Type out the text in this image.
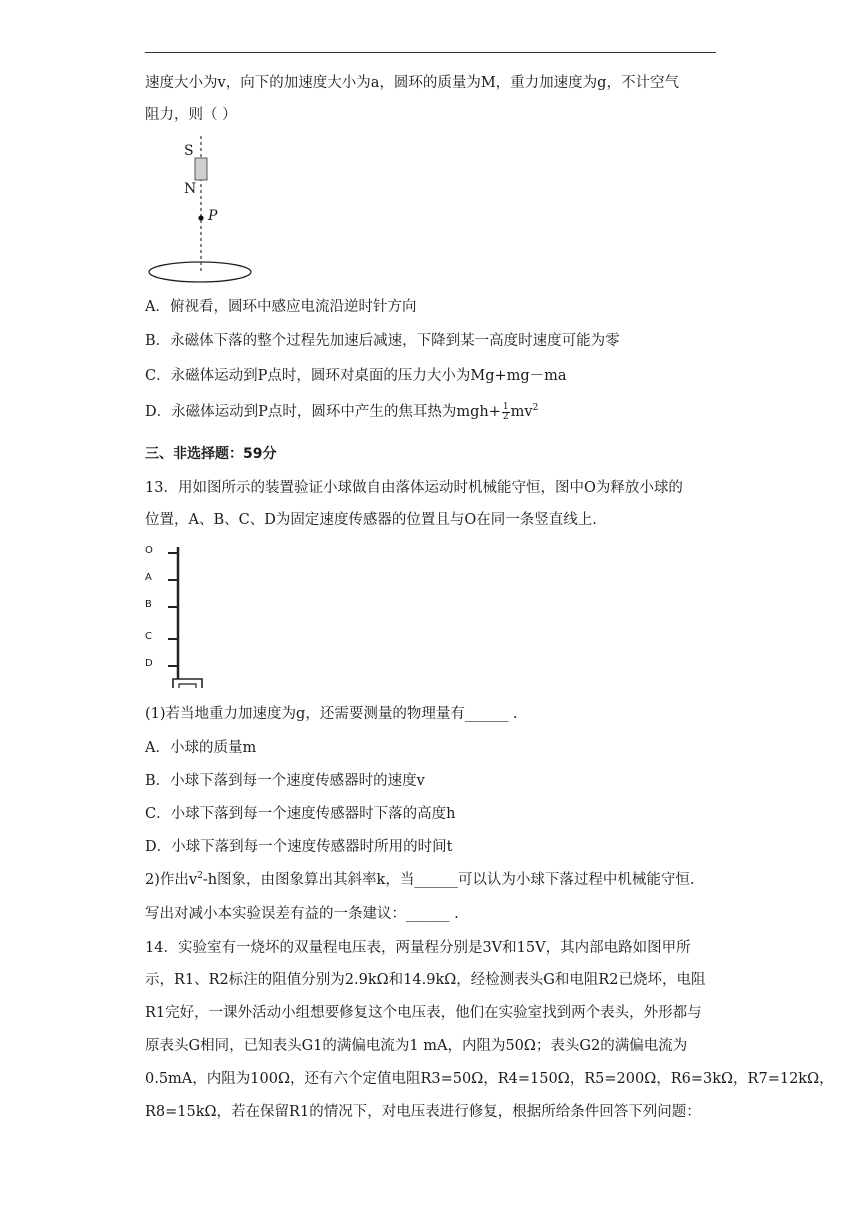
速度大小为v，向下的加速度大小为a，圆环的质量为M，重力加速度为g，不计空气
阻力，则（ ）
S
N
P
A．俯视看，圆环中感应电流沿逆时针方向
B．永磁体下落的整个过程先加速后减速，下降到某一高度时速度可能为零
C．永磁体运动到P点时，圆环对桌面的压力大小为Mg+mg－ma
D．永磁体运动到P点时，圆环中产生的焦耳热为$mgh+ \frac{1}{2} mv^2$
三、非选择题：59分
13．用如图所示的装置验证小球做自由落体运动时机械能守恒，图中O为释放小球的
位置，A、B、C、D为固定速度传感器的位置且与O在同一条竖直线上.
O
A
B
C
D
(1)若当地重力加速度为g，还需要测量的物理量有______ .
A．小球的质量m
B．小球下落到每一个速度传感器时的速度v
C．小球下落到每一个速度传感器时下落的高度h
D．小球下落到每一个速度传感器时所用的时间t
2)作出$v^2-h$图象，由图象算出其斜率k，当______可以认为小球下落过程中机械能守恒.
写出对减小本实验误差有益的一条建议：______ .
14．实验室有一烧坏的双量程电压表，两量程分别是3V和15V，其内部电路如图甲所
示，R1、R2标注的阻值分别为2.9kΩ和14.9kΩ，经检测表头G和电阻R2已烧坏，电阻
R1完好，一课外活动小组想要修复这个电压表，他们在实验室找到两个表头，外形都与
原表头G相同，已知表头G1的满偏电流为1 mA，内阻为50Ω；表头G2的满偏电流为
0.5mA，内阻为100Ω，还有六个定值电阻R3=50Ω，R4=150Ω，R5=200Ω，R6=3kΩ，R7=12kΩ，
R8=15kΩ，若在保留R1的情况下，对电压表进行修复，根据所给条件回答下列问题：
